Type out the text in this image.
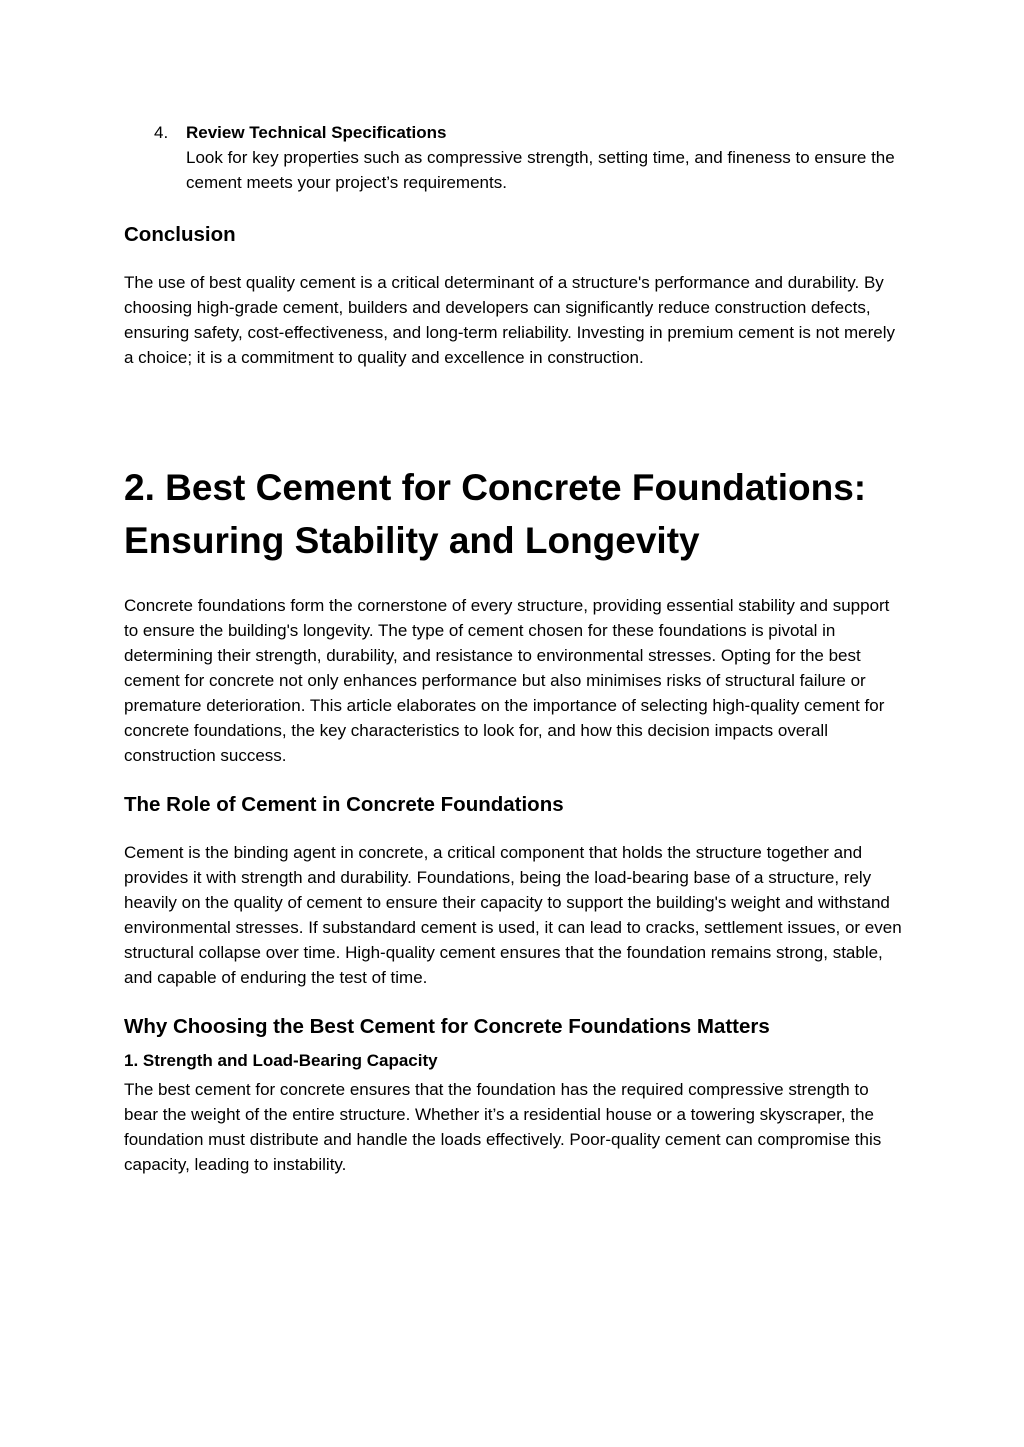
4. Review Technical Specifications
Look for key properties such as compressive strength, setting time, and fineness to ensure the cement meets your project’s requirements.
Conclusion

The use of best quality cement is a critical determinant of a structure's performance and durability. By choosing high-grade cement, builders and developers can significantly reduce construction defects, ensuring safety, cost-effectiveness, and long-term reliability. Investing in premium cement is not merely a choice; it is a commitment to quality and excellence in construction.

2. Best Cement for Concrete Foundations: Ensuring Stability and Longevity

Concrete foundations form the cornerstone of every structure, providing essential stability and support to ensure the building's longevity. The type of cement chosen for these foundations is pivotal in determining their strength, durability, and resistance to environmental stresses. Opting for the best cement for concrete not only enhances performance but also minimises risks of structural failure or premature deterioration. This article elaborates on the importance of selecting high-quality cement for concrete foundations, the key characteristics to look for, and how this decision impacts overall construction success.

The Role of Cement in Concrete Foundations

Cement is the binding agent in concrete, a critical component that holds the structure together and provides it with strength and durability. Foundations, being the load-bearing base of a structure, rely heavily on the quality of cement to ensure their capacity to support the building's weight and withstand environmental stresses. If substandard cement is used, it can lead to cracks, settlement issues, or even structural collapse over time. High-quality cement ensures that the foundation remains strong, stable, and capable of enduring the test of time.

Why Choosing the Best Cement for Concrete Foundations Matters
1. Strength and Load-Bearing Capacity

The best cement for concrete ensures that the foundation has the required compressive strength to bear the weight of the entire structure. Whether it’s a residential house or a towering skyscraper, the foundation must distribute and handle the loads effectively. Poor-quality cement can compromise this capacity, leading to instability.
